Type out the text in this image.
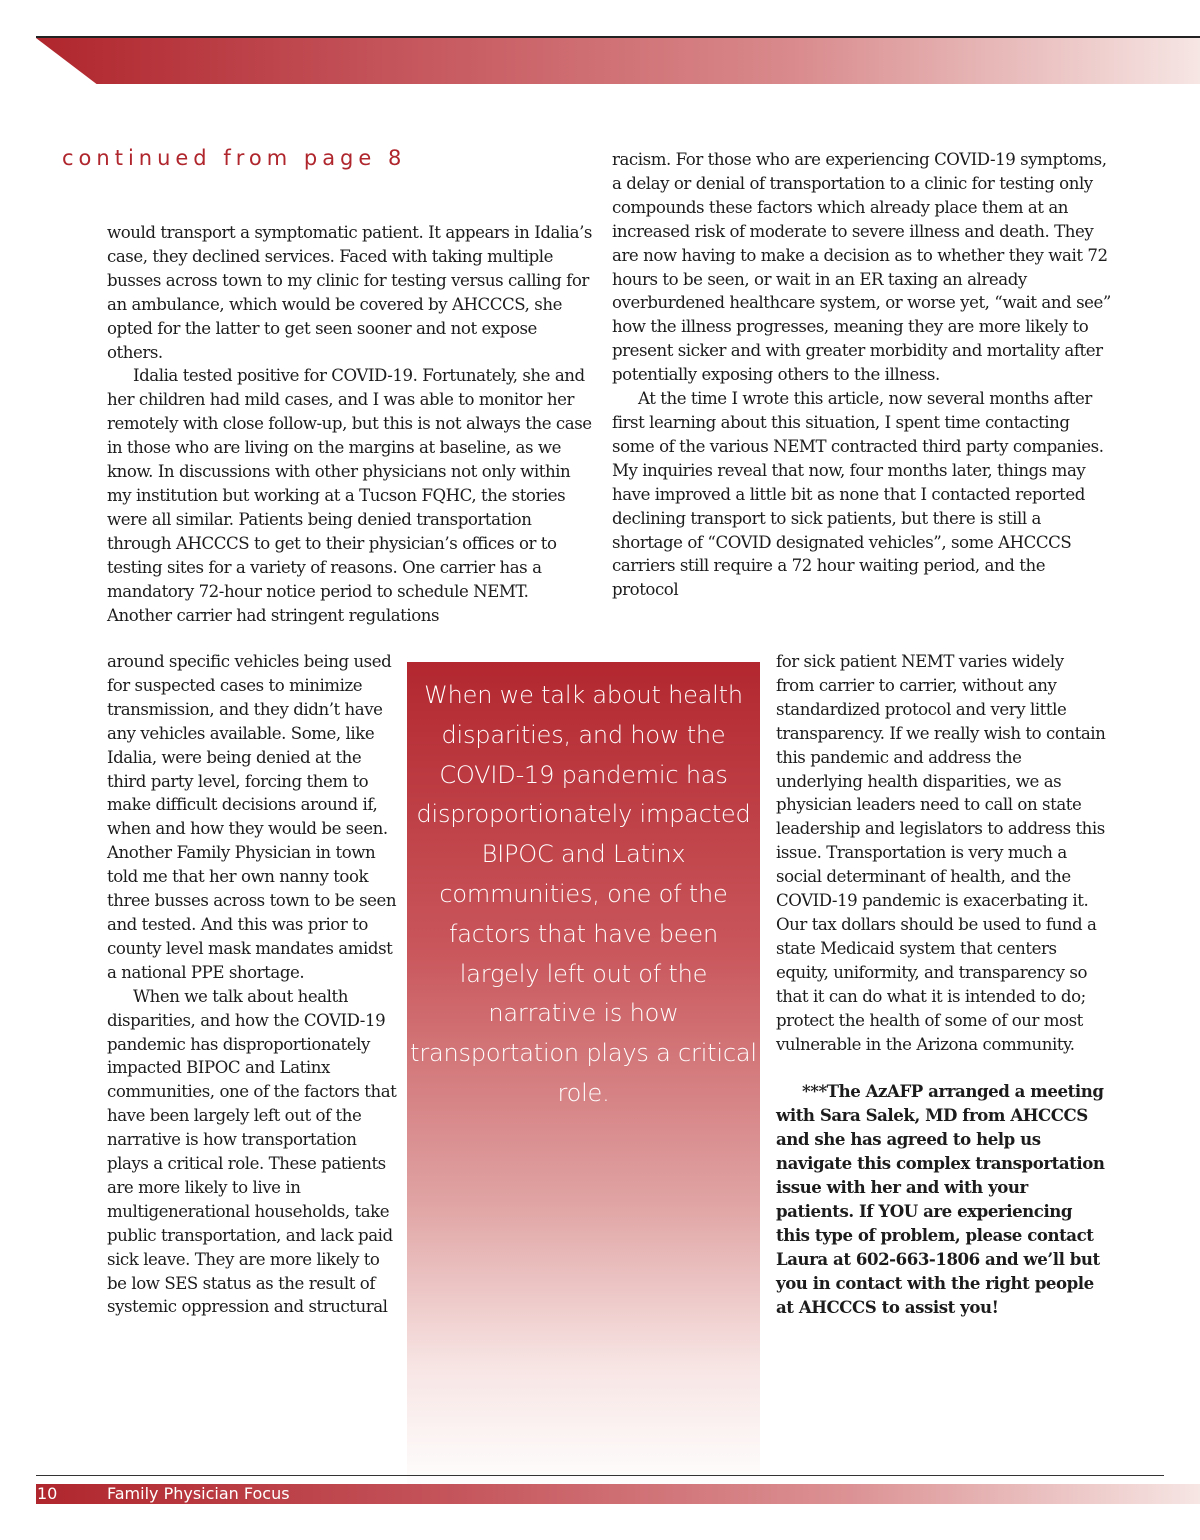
continued from page 8

would transport a symptomatic patient. It appears in Idalia’s case, they declined services. Faced with taking multiple busses across town to my clinic for testing versus calling for an ambulance, which would be covered by AHCCCS, she opted for the latter to get seen sooner and not expose others.

Idalia tested positive for COVID-19. Fortunately, she and her children had mild cases, and I was able to monitor her remotely with close follow-up, but this is not always the case in those who are living on the margins at baseline, as we know. In discussions with other physicians not only within my institution but working at a Tucson FQHC, the stories were all similar. Patients being denied transportation through AHCCCS to get to their physician’s offices or to testing sites for a variety of reasons. One carrier has a mandatory 72-hour notice period to schedule NEMT. Another carrier had stringent regulations

around specific vehicles being used for suspected cases to minimize transmission, and they didn’t have any vehicles available. Some, like Idalia, were being denied at the third party level, forcing them to make difficult decisions around if, when and how they would be seen. Another Family Physician in town told me that her own nanny took three busses across town to be seen and tested. And this was prior to county level mask mandates amidst a national PPE shortage.

When we talk about health disparities, and how the COVID-19 pandemic has disproportionately impacted BIPOC and Latinx communities, one of the factors that have been largely left out of the narrative is how transportation plays a critical role. These patients are more likely to live in multigenerational households, take public transportation, and lack paid sick leave. They are more likely to be low SES status as the result of systemic oppression and structural

racism. For those who are experiencing COVID-19 symptoms, a delay or denial of transportation to a clinic for testing only compounds these factors which already place them at an increased risk of moderate to severe illness and death. They are now having to make a decision as to whether they wait 72 hours to be seen, or wait in an ER taxing an already overburdened healthcare system, or worse yet, “wait and see” how the illness progresses, meaning they are more likely to present sicker and with greater morbidity and mortality after potentially exposing others to the illness.

At the time I wrote this article, now several months after first learning about this situation, I spent time contacting some of the various NEMT contracted third party companies. My inquiries reveal that now, four months later, things may have improved a little bit as none that I contacted reported declining transport to sick patients, but there is still a shortage of “COVID designated vehicles”, some AHCCCS carriers still require a 72 hour waiting period, and the protocol

for sick patient NEMT varies widely from carrier to carrier, without any standardized protocol and very little transparency. If we really wish to contain this pandemic and address the underlying health disparities, we as physician leaders need to call on state leadership and legislators to address this issue. Transportation is very much a social determinant of health, and the COVID-19 pandemic is exacerbating it. Our tax dollars should be used to fund a state Medicaid system that centers equity, uniformity, and transparency so that it can do what it is intended to do; protect the health of some of our most vulnerable in the Arizona community.

***The AzAFP arranged a meeting with Sara Salek, MD from AHCCCS and she has agreed to help us navigate this complex transportation issue with her and with your patients. If YOU are experiencing this type of problem, please contact Laura at 602-663-1806 and we’ll but you in contact with the right people at AHCCCS to assist you!

When we talk about health disparities, and how the COVID-19 pandemic has disproportionately impacted BIPOC and Latinx communities, one of the factors that have been largely left out of the narrative is how transportation plays a critical role.
10	Family Physician Focus
